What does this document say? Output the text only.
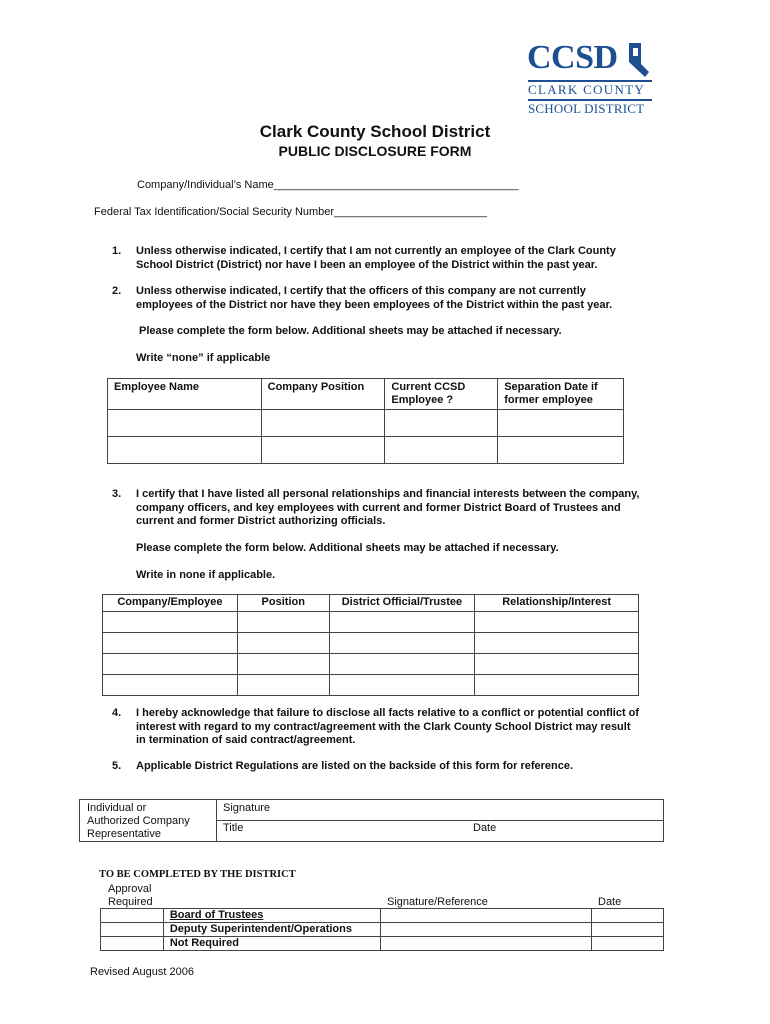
CCSD
CLARK COUNTY
SCHOOL DISTRICT
Clark County School District
PUBLIC DISCLOSURE FORM
Company/Individual’s Name________________________________________
Federal Tax Identification/Social Security Number_________________________
1. Unless otherwise indicated, I certify that I am not currently an employee of the Clark County
School District (District) nor have I been an employee of the District within the past year.
2. Unless otherwise indicated, I certify that the officers of this company are not currently
employees of the District nor have they been employees of the District within the past year.
Please complete the form below. Additional sheets may be attached if necessary.
Write “none” if applicable
Employee Name	Company Position	Current CCSD Employee ?	Separation Date if former employee

3. I certify that I have listed all personal relationships and financial interests between the company,
company officers, and key employees with current and former District Board of Trustees and
current and former District authorizing officials.
Please complete the form below. Additional sheets may be attached if necessary.
Write in none if applicable.
Company/Employee	Position	District Official/Trustee	Relationship/Interest

4. I hereby acknowledge that failure to disclose all facts relative to a conflict or potential conflict of
interest with regard to my contract/agreement with the Clark County School District may result
in termination of said contract/agreement.
5. Applicable District Regulations are listed on the backside of this form for reference.
Individual or
Authorized Company
Representative
Signature
Title	Date
TO BE COMPLETED BY THE DISTRICT
Approval
Required	Signature/Reference	Date
	Board of Trustees		
	Deputy Superintendent/Operations		
	Not Required		
Revised August 2006
